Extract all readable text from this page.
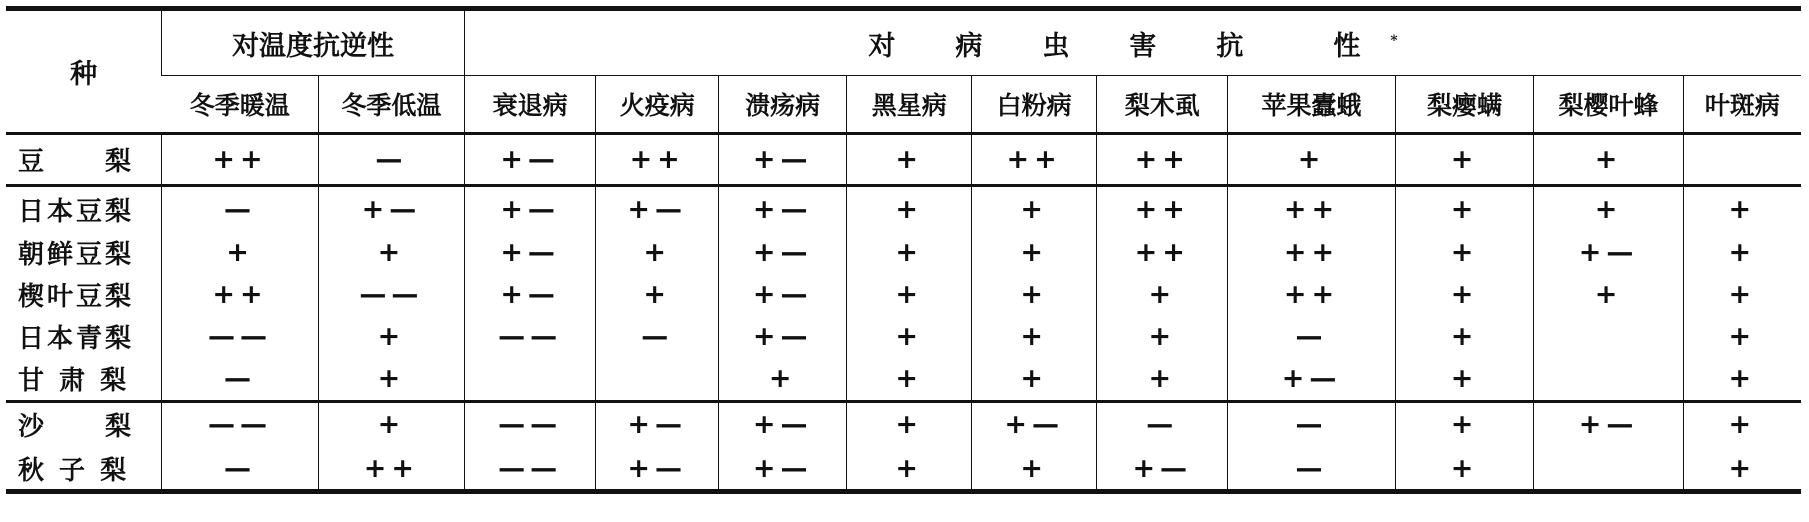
种	对温度抗逆性		对 病 虫 害 抗 性 *
	冬季暖温	冬季低温	衰退病	火疫病	溃疡病	黑星病	白粉病	梨木虱	苹果蠹蛾	梨瘿螨	梨樱叶蜂	叶斑病
豆　　梨	++	—	+—	++	+—	+	++	++	+	+	+	
日本豆梨	—	+—	+—	+—	+—	+	+	++	++	+	+	+
朝鲜豆梨	+	+	+—	+	+—	+	+	++	++	+	+—	+
楔叶豆梨	++	——	+—	+	+—	+	+	+	++	+	+	+
日本青梨	——	+	——	—	+—	+	+	+	—	+		+
甘 肃 梨	—	+			+	+	+	+	+—	+		+
沙　　梨	——	+	——	+—	+—	+	+—	—	—	+	+—	+
秋 子 梨	—	++	——	+—	+—	+	+	+—	—	+		+
